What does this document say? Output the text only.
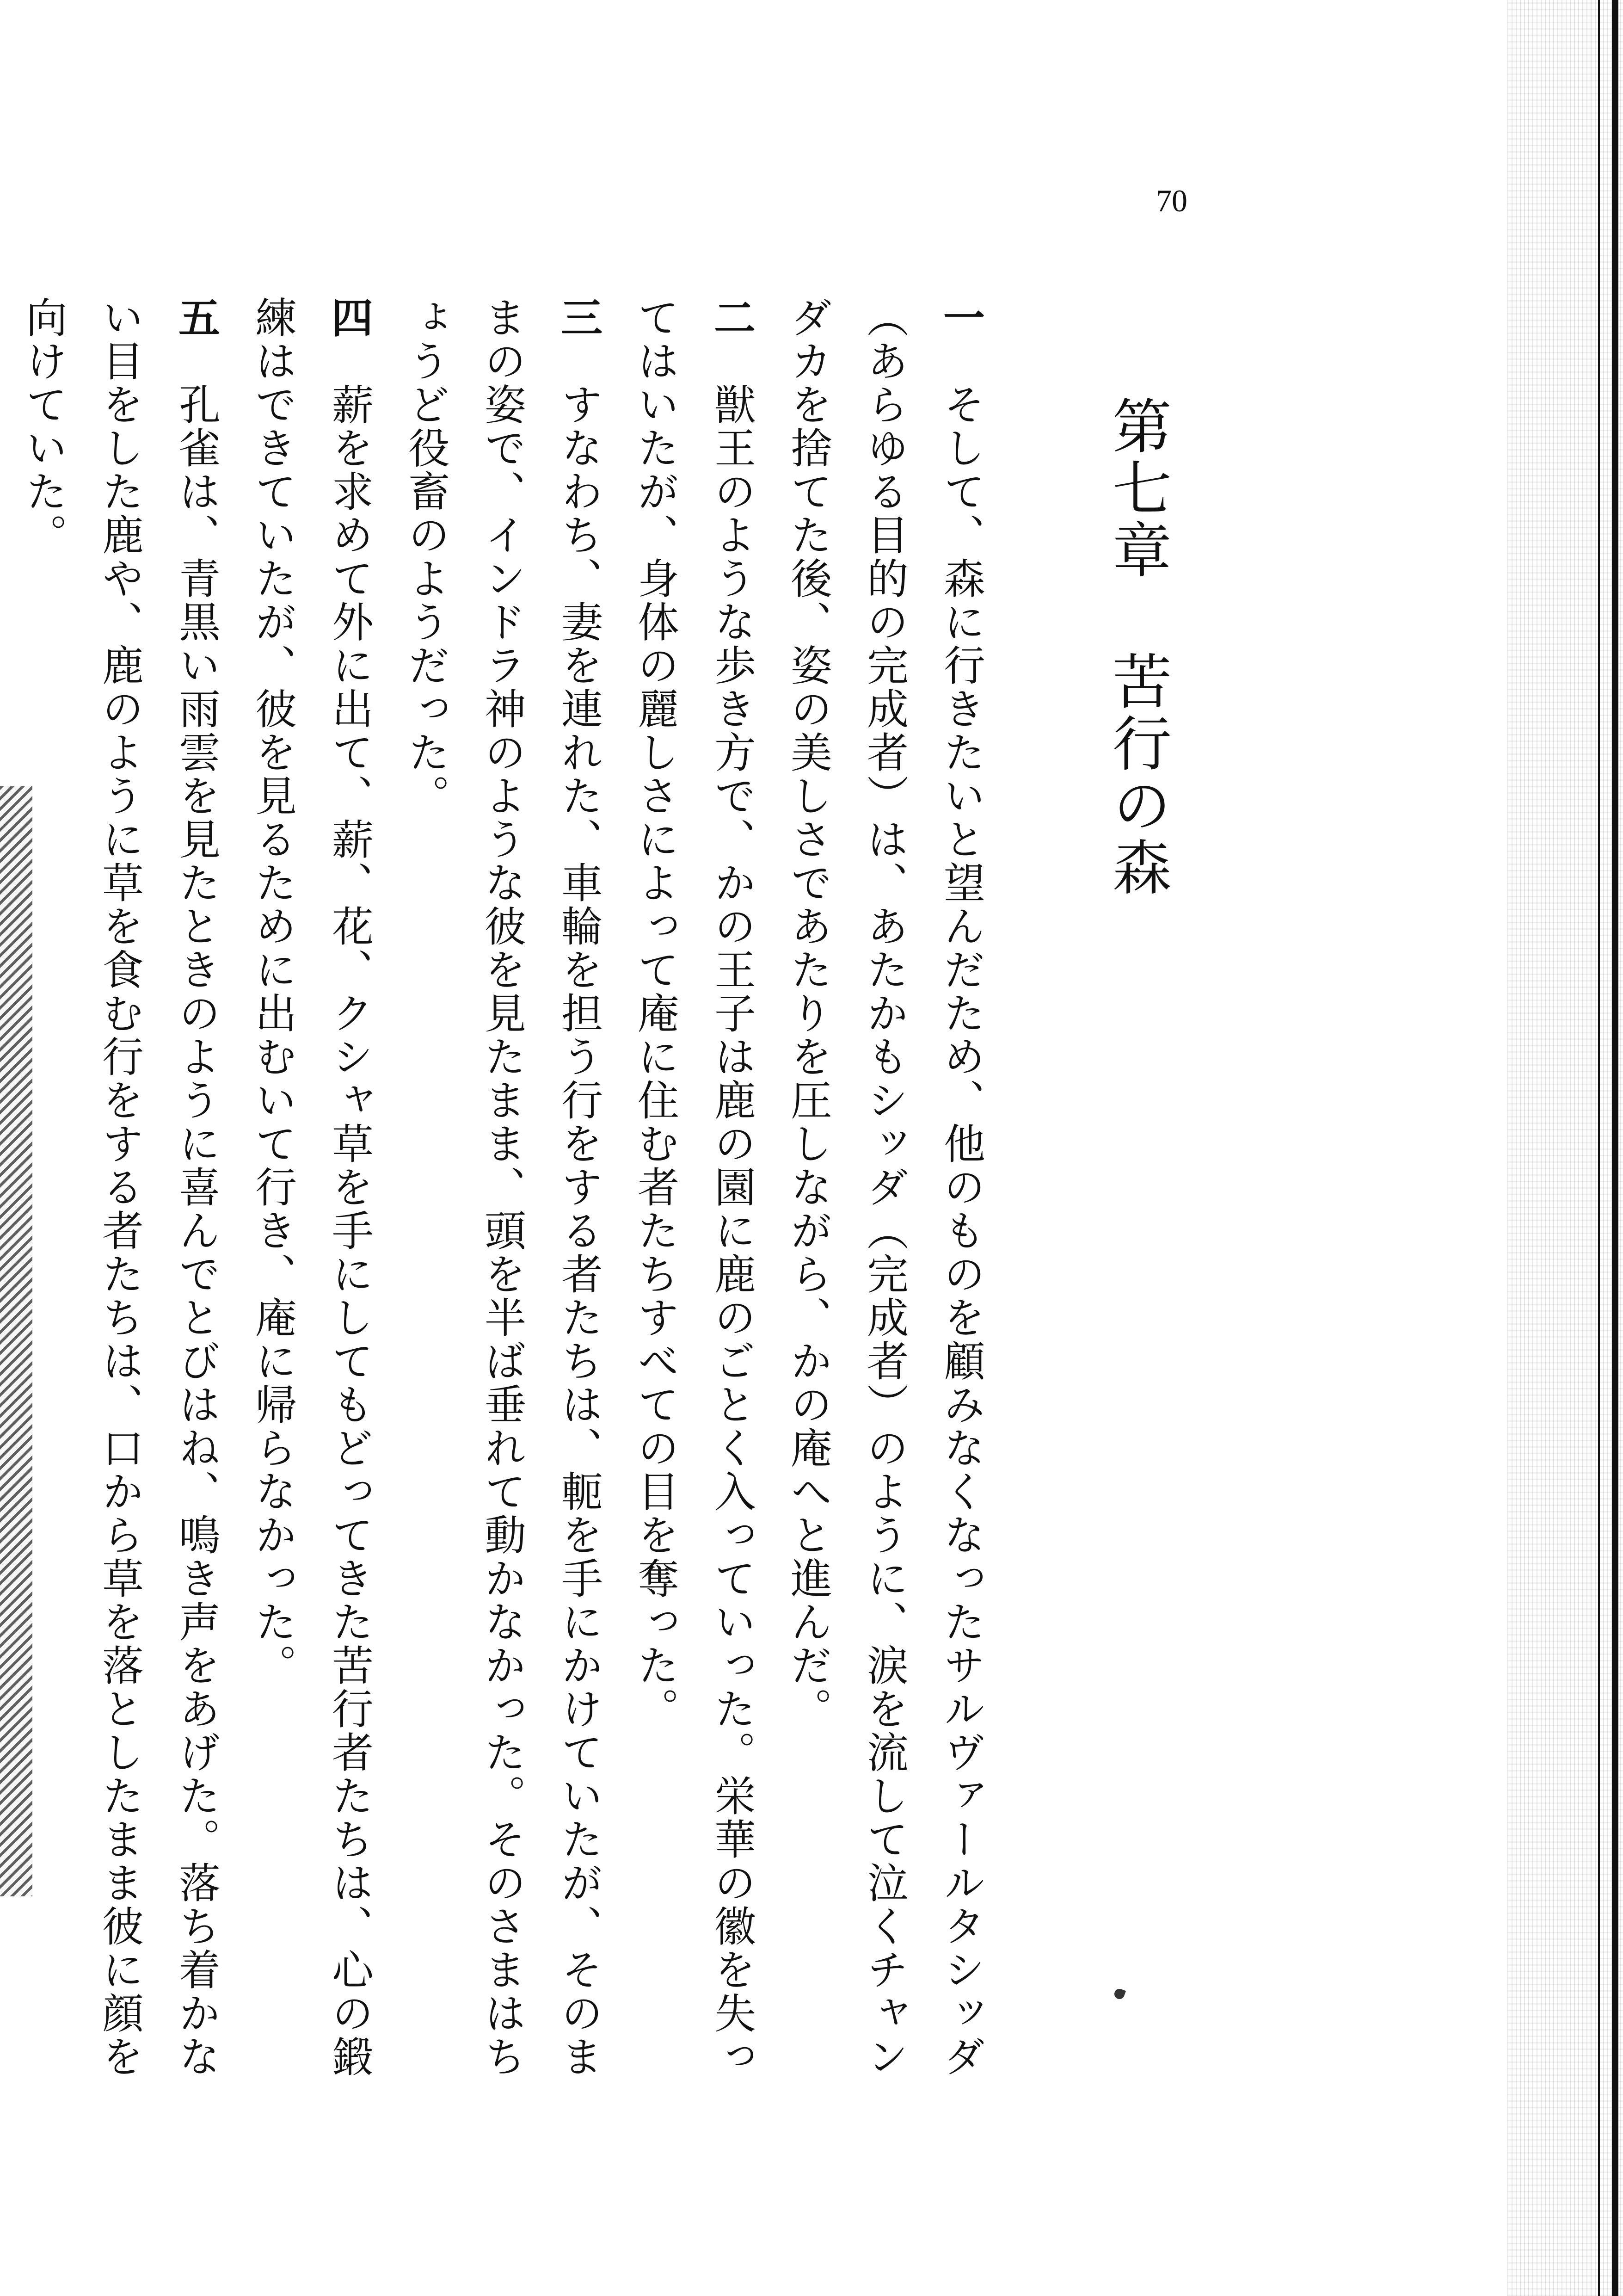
70
第七章苦行の森

一　そして、森に行きたいと望んだため、他のものを顧みなくなったサルヴァールタシッダ（あらゆる目的の完成者）は、あたかもシッダ（完成者）のように、涙を流して泣くチャンダカを捨てた後、姿の美しさであたりを圧しながら、かの庵へと進んだ。

二　獣王のような歩き方で、かの王子は鹿の園に鹿のごとく入っていった。栄華の徽を失ってはいたが、身体の麗しさによって庵に住む者たちすべての目を奪った。

三　すなわち、妻を連れた、車輪を担う行をする者たちは、軛を手にかけていたが、そのままの姿で、インドラ神のような彼を見たまま、頭を半ば垂れて動かなかった。そのさまはちょうど役畜のようだった。

四　薪を求めて外に出て、薪、花、クシャ草を手にしてもどってきた苦行者たちは、心の鍛練はできていたが、彼を見るために出むいて行き、庵に帰らなかった。

五　孔雀は、青黒い雨雲を見たときのように喜んでとびはね、鳴き声をあげた。落ち着かない目をした鹿や、鹿のように草を食む行をする者たちは、口から草を落としたまま彼に顔を向けていた。
